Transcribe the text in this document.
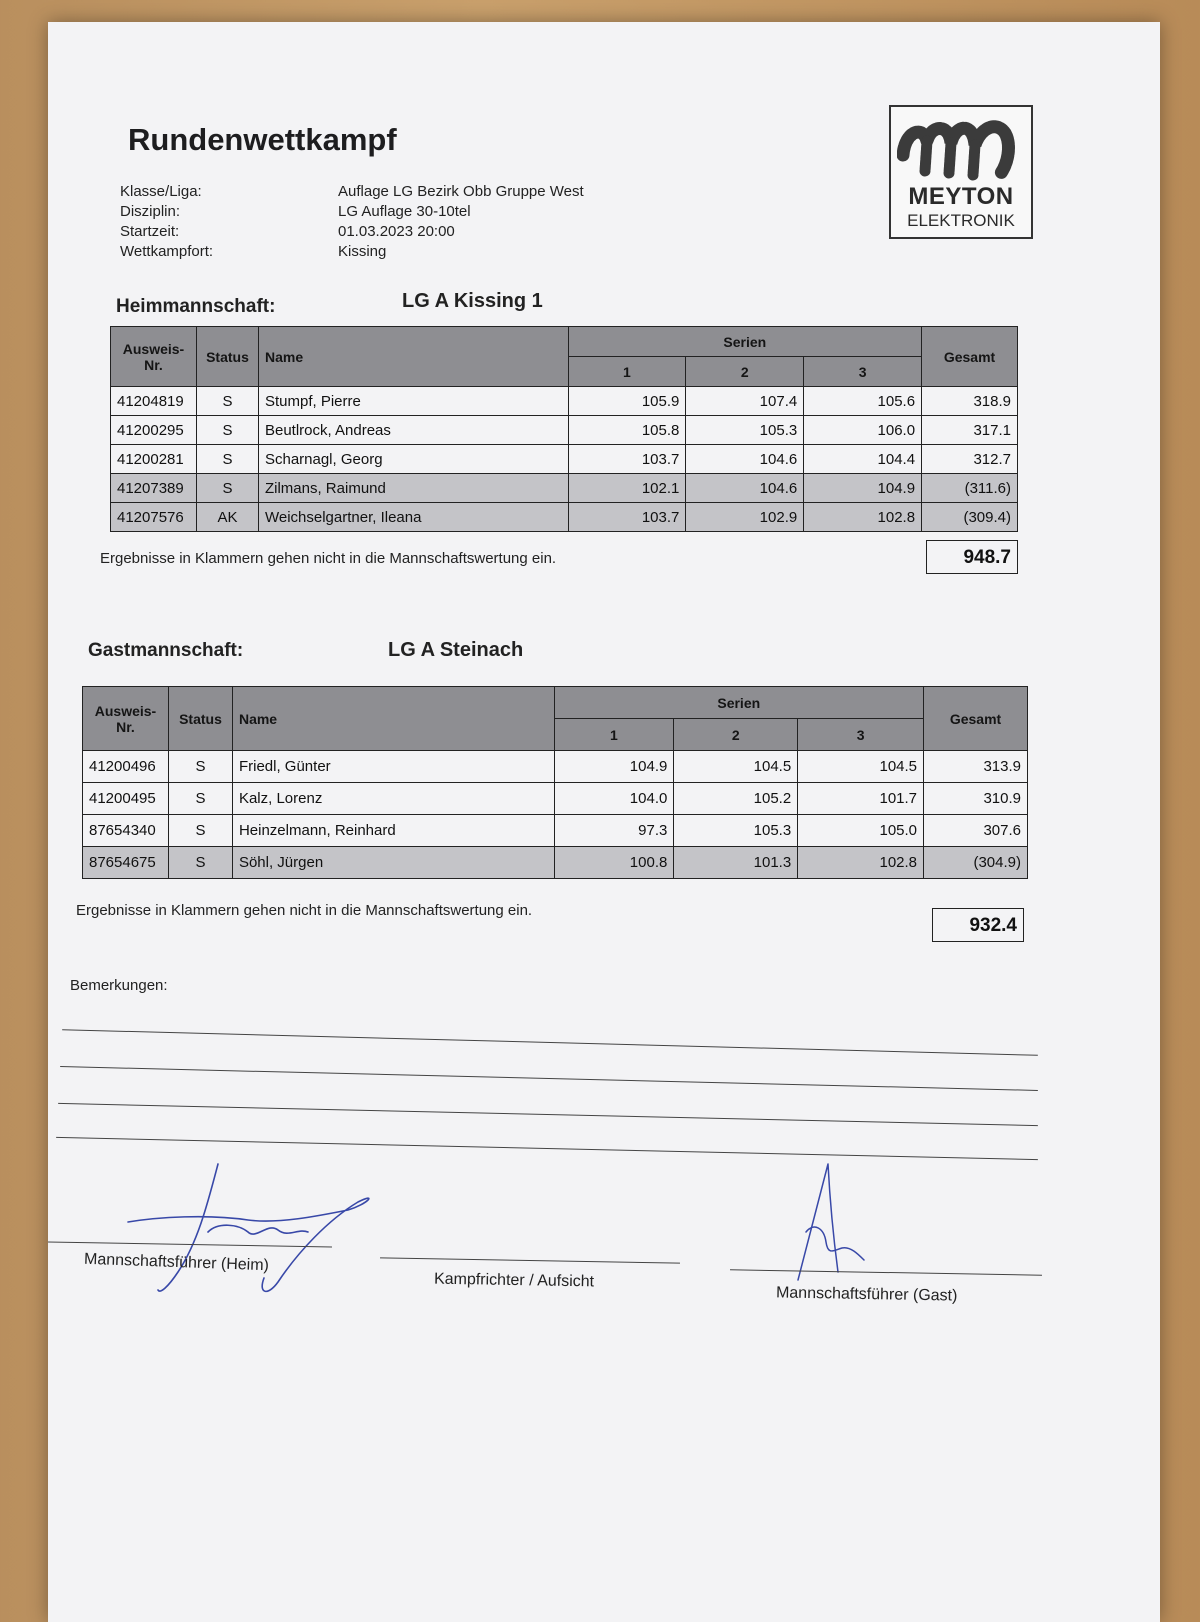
Rundenwettkampf
Klasse/Liga:	Auflage LG Bezirk Obb Gruppe West
Disziplin:	LG Auflage 30-10tel
Startzeit:	01.03.2023 20:00
Wettkampfort:	Kissing
MEYTON
ELEKTRONIK
Heimmannschaft:	LG A Kissing 1
Ausweis-Nr.	Status	Name	Serien			Gesamt
			1	2	3	
41204819	S	Stumpf, Pierre	105.9	107.4	105.6	318.9
41200295	S	Beutlrock, Andreas	105.8	105.3	106.0	317.1
41200281	S	Scharnagl, Georg	103.7	104.6	104.4	312.7
41207389	S	Zilmans, Raimund	102.1	104.6	104.9	(311.6)
41207576	AK	Weichselgartner, Ileana	103.7	102.9	102.8	(309.4)
Ergebnisse in Klammern gehen nicht in die Mannschaftswertung ein.	948.7
Gastmannschaft:	LG A Steinach
Ausweis-Nr.	Status	Name	Serien			Gesamt
			1	2	3	
41200496	S	Friedl, Günter	104.9	104.5	104.5	313.9
41200495	S	Kalz, Lorenz	104.0	105.2	101.7	310.9
87654340	S	Heinzelmann, Reinhard	97.3	105.3	105.0	307.6
87654675	S	Söhl, Jürgen	100.8	101.3	102.8	(304.9)
Ergebnisse in Klammern gehen nicht in die Mannschaftswertung ein.
932.4
Bemerkungen:
Mannschaftsführer (Heim)
Kampfrichter / Aufsicht
Mannschaftsführer (Gast)
